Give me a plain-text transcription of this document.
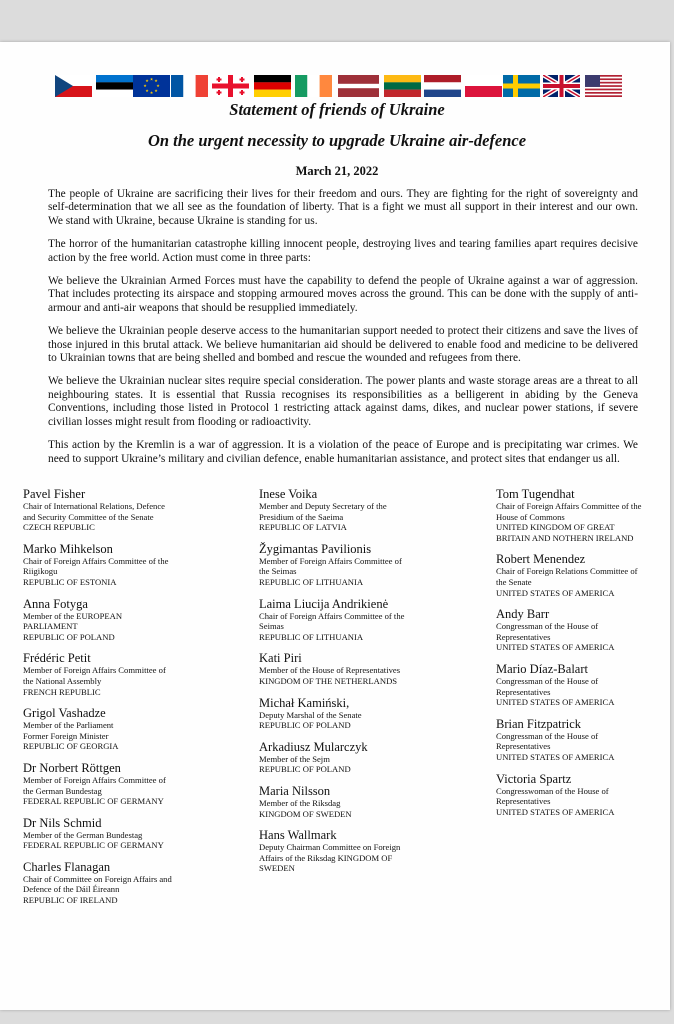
★ ★
★
★
★
★
★
★
Statement of friends of Ukraine
On the urgent necessity to upgrade Ukraine air-defence
March 21, 2022

The people of Ukraine are sacrificing their lives for their freedom and ours. They are fighting for the right of sovereignty and self-determination that we all see as the foundation of liberty. That is a fight we must all support in their interest and our own. We stand with Ukraine, because Ukraine is standing for us.

The horror of the humanitarian catastrophe killing innocent people, destroying lives and tearing families apart requires decisive action by the free world. Action must come in three parts:

We believe the Ukrainian Armed Forces must have the capability to defend the people of Ukraine against a war of aggression. That includes protecting its airspace and stopping armoured moves across the ground. This can be done with the supply of anti-armour and anti-air weapons that should be resupplied immediately.

We believe the Ukrainian people deserve access to the humanitarian support needed to protect their citizens and save the lives of those injured in this brutal attack. We believe humanitarian aid should be delivered to enable food and medicine to be delivered to Ukrainian towns that are being shelled and bombed and rescue the wounded and refugees from there.

We believe the Ukrainian nuclear sites require special consideration. The power plants and waste storage areas are a threat to all neighbouring states. It is essential that Russia recognises its responsibilities as a belligerent in abiding by the Geneva Conventions, including those listed in Protocol 1 restricting attack against dams, dikes, and nuclear power stations, if severe civilian losses might result from flooding or radioactivity.

This action by the Kremlin is a war of aggression. It is a violation of the peace of Europe and is precipitating war crimes. We need to support Ukraine’s military and civilian defence, enable humanitarian assistance, and protect sites that endanger us all.

Pavel Fisher
Chair of International Relations, Defence
and Security Committee of the Senate
CZECH REPUBLIC
Marko Mihkelson
Chair of Foreign Affairs Committee of the
Riigikogu
REPUBLIC OF ESTONIA
Anna Fotyga
Member of the EUROPEAN
PARLIAMENT
REPUBLIC OF POLAND
Frédéric Petit
Member of Foreign Affairs Committee of
the National Assembly
FRENCH REPUBLIC
Grigol Vashadze
Member of the Parliament
Former Foreign Minister
REPUBLIC OF GEORGIA
Dr Norbert Röttgen
Member of Foreign Affairs Committee of
the German Bundestag
FEDERAL REPUBLIC OF GERMANY
Dr Nils Schmid
Member of the German Bundestag
FEDERAL REPUBLIC OF GERMANY
Charles Flanagan
Chair of Committee on Foreign Affairs and
Defence of the Dáil Éireann
REPUBLIC OF IRELAND
Inese Voika
Member and Deputy Secretary of the
Presidium of the Saeima
REPUBLIC OF LATVIA
Žygimantas Pavilionis
Member of Foreign Affairs Committee of
the Seimas
REPUBLIC OF LITHUANIA
Laima Liucija Andrikienė
Chair of Foreign Affairs Committee of the
Seimas
REPUBLIC OF LITHUANIA
Kati Piri
Member of the House of Representatives
KINGDOM OF THE NETHERLANDS
Michał Kamiński,
Deputy Marshal of the Senate
REPUBLIC OF POLAND
Arkadiusz Mularczyk
Member of the Sejm
REPUBLIC OF POLAND
Maria Nilsson
Member of the Riksdag
KINGDOM OF SWEDEN
Hans Wallmark
Deputy Chairman Committee on Foreign
Affairs of the Riksdag KINGDOM OF
SWEDEN
Tom Tugendhat
Chair of Foreign Affairs Committee of the
House of Commons
UNITED KINGDOM OF GREAT
BRITAIN AND NOTHERN IRELAND
Robert Menendez
Chair of Foreign Relations Committee of
the Senate
UNITED STATES OF AMERICA
Andy Barr
Congressman of the House of
Representatives
UNITED STATES OF AMERICA
Mario Díaz-Balart
Congressman of the House of
Representatives
UNITED STATES OF AMERICA
Brian Fitzpatrick
Congressman of the House of
Representatives
UNITED STATES OF AMERICA
Victoria Spartz
Congresswoman of the House of
Representatives
UNITED STATES OF AMERICA
